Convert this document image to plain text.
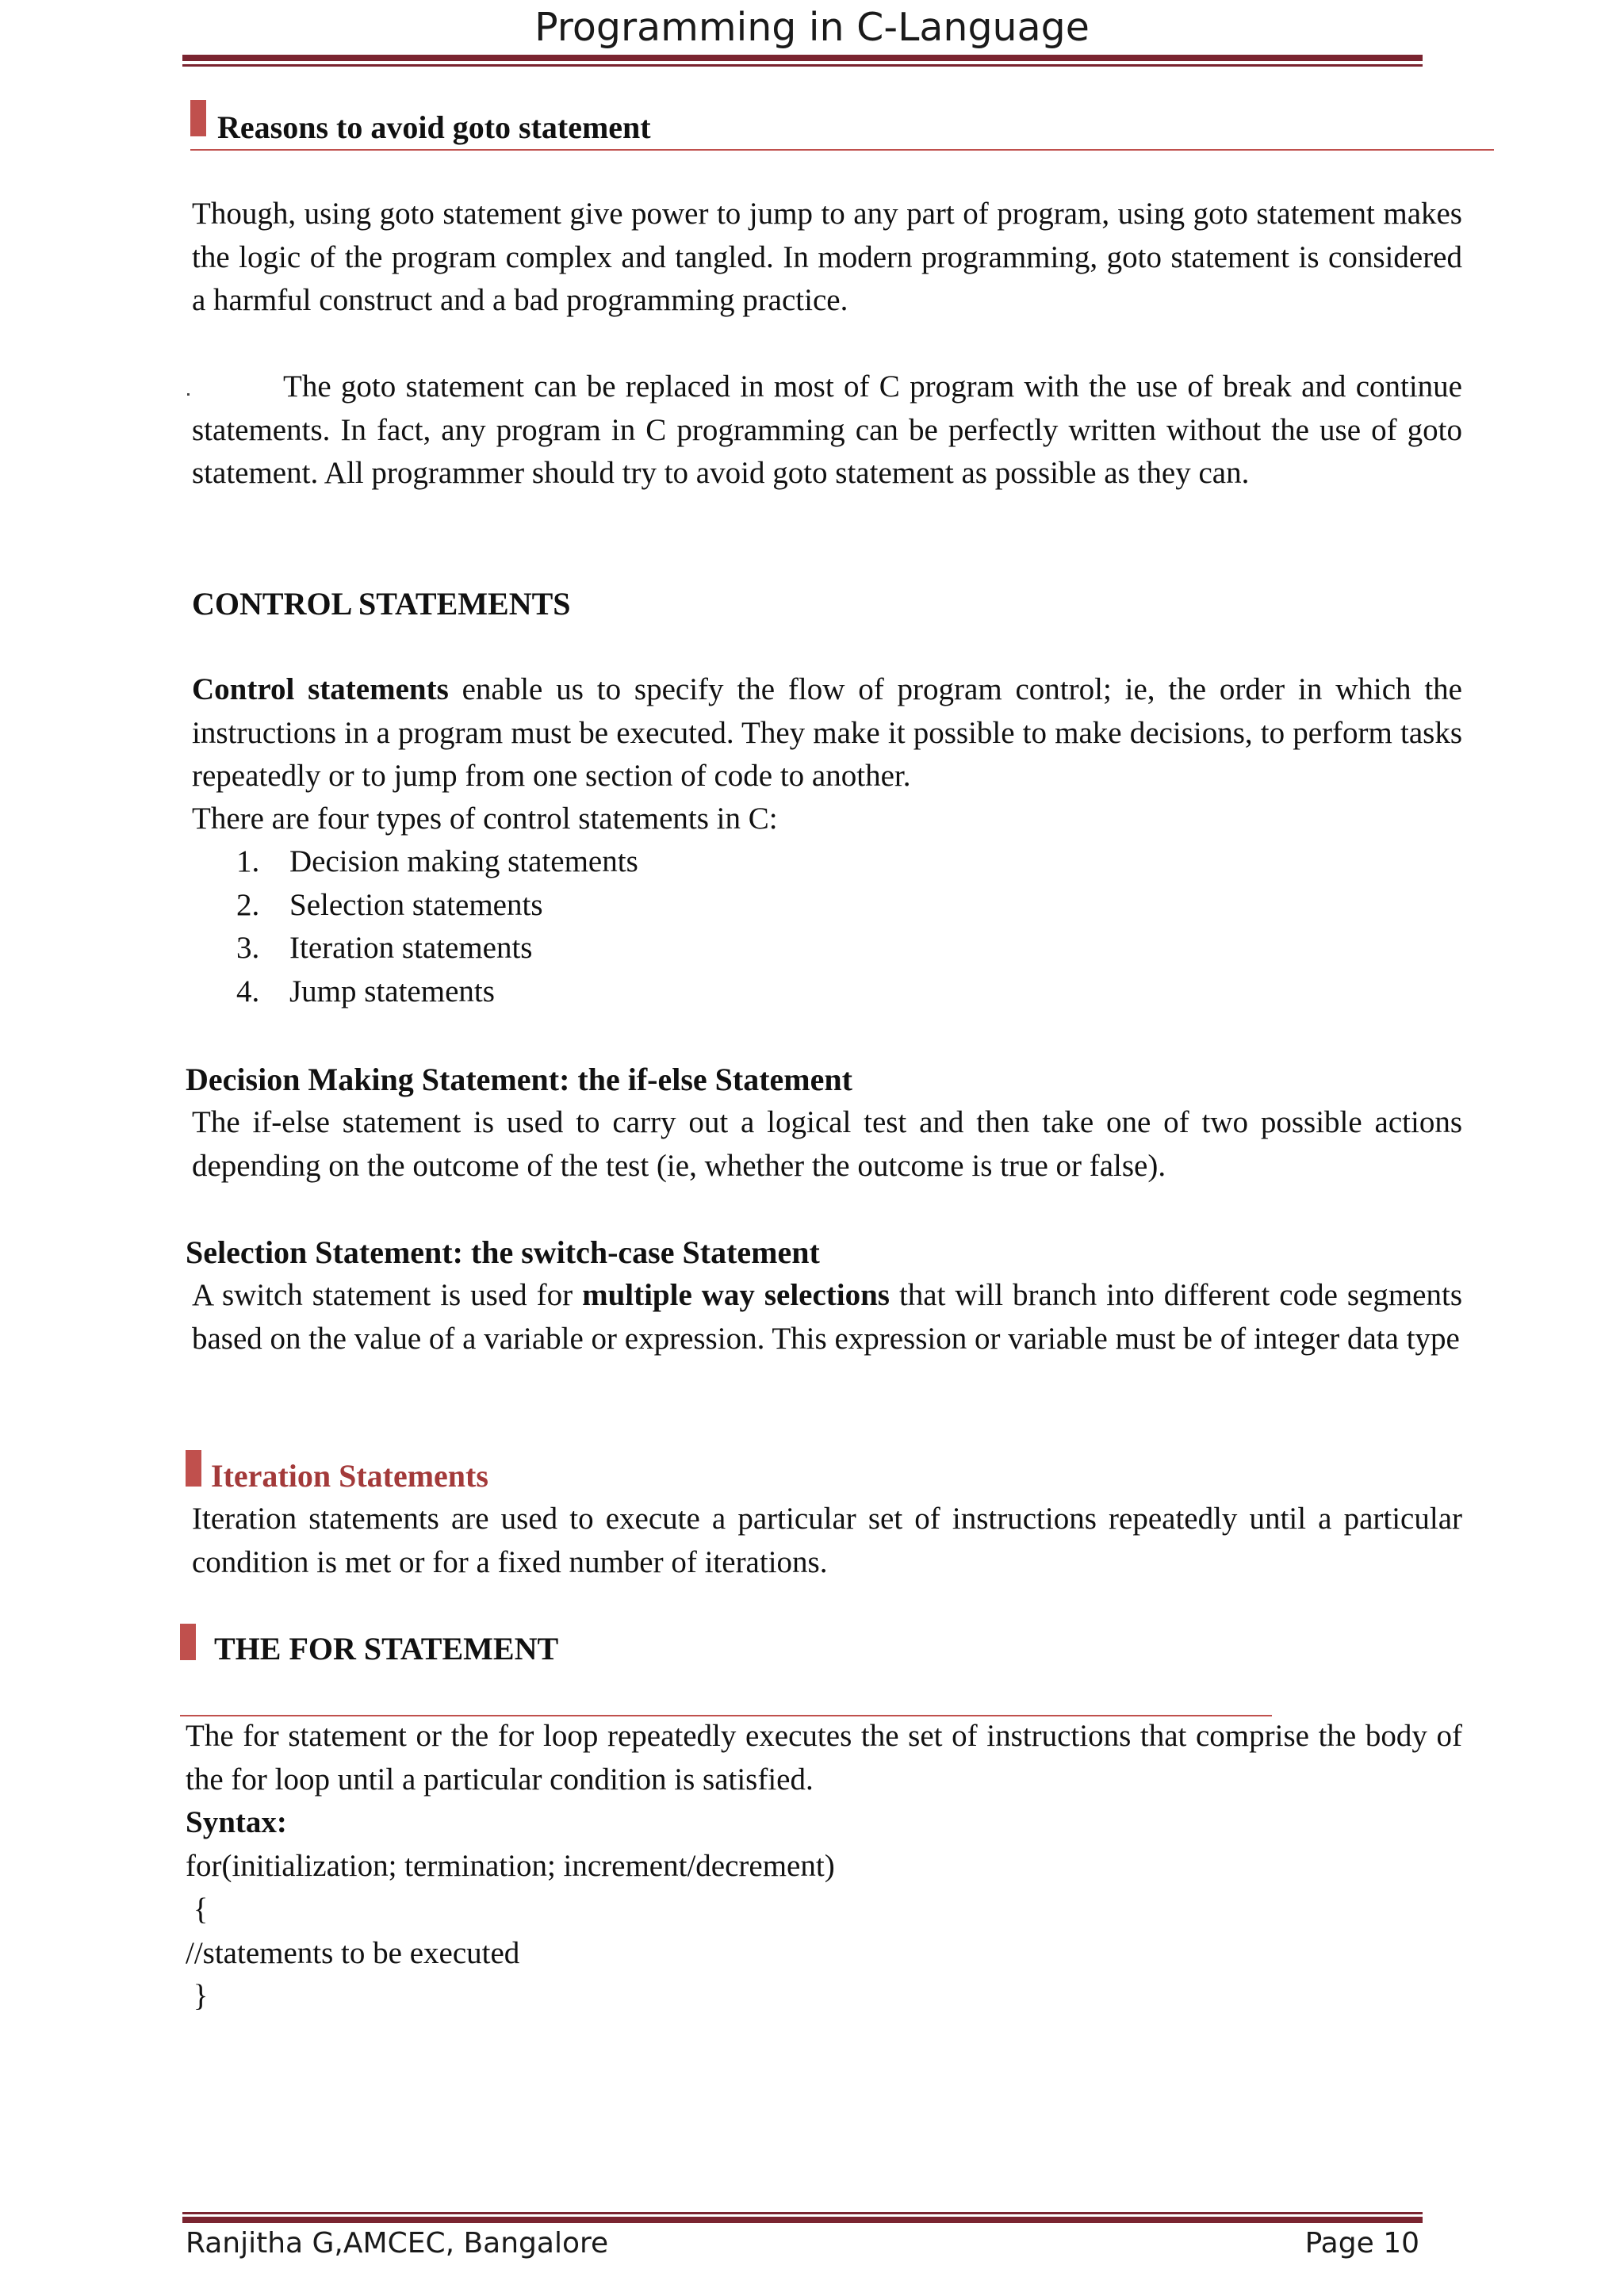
Programming in C-Language
Reasons to avoid goto statement

Though, using goto statement give power to jump to any part of program, using goto statement makes the logic of the program complex and tangled. In modern programming, goto statement is considered a harmful construct and a bad programming practice.

The goto statement can be replaced in most of C program with the use of break and continue statements. In fact, any program in C programming can be perfectly written without the use of goto statement. All programmer should try to avoid goto statement as possible as they can.

CONTROL STATEMENTS

Control statements enable us to specify the flow of program control; ie, the order in which the instructions in a program must be executed. They make it possible to make decisions, to perform tasks repeatedly or to jump from one section of code to another.

There are four types of control statements in C:
1. Decision making statements
2. Selection statements
3. Iteration statements
4. Jump statements
Decision Making Statement: the if-else Statement

The if-else statement is used to carry out a logical test and then take one of two possible actions depending on the outcome of the test (ie, whether the outcome is true or false).

Selection Statement: the switch-case Statement

A switch statement is used for multiple way selections that will branch into different code segments based on the value of a variable or expression. This expression or variable must be of integer data type

Iteration Statements

Iteration statements are used to execute a particular set of instructions repeatedly until a particular condition is met or for a fixed number of iterations.

THE FOR STATEMENT

The for statement or the for loop repeatedly executes the set of instructions that comprise the body of the for loop until a particular condition is satisfied.

Syntax:
for(initialization; termination; increment/decrement)
{
//statements to be executed
}
Ranjitha G,AMCEC, Bangalore	Page 10
